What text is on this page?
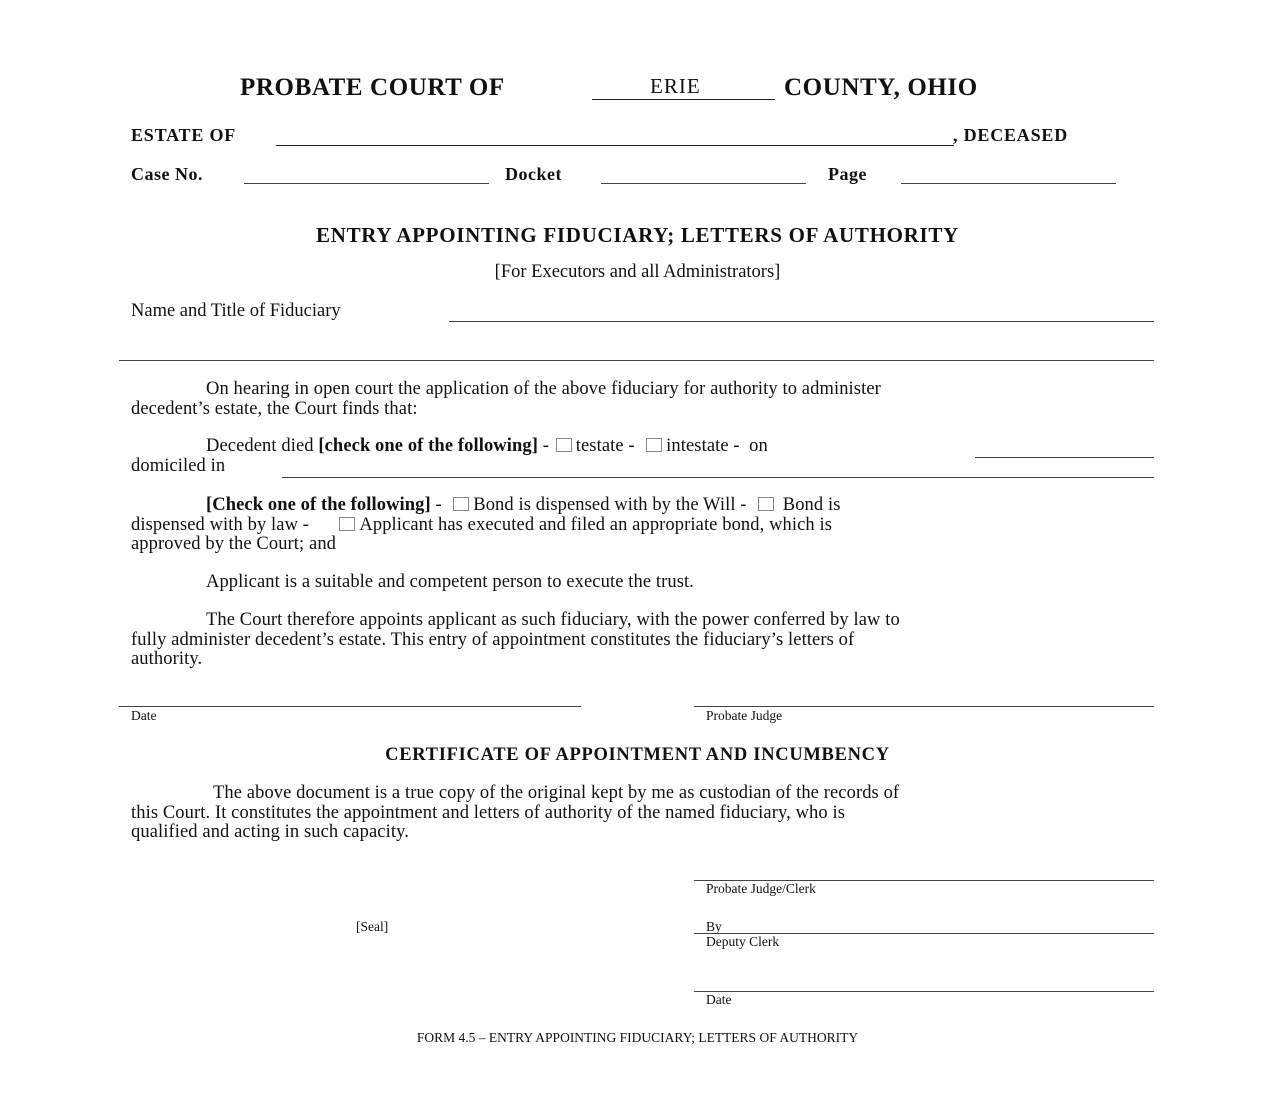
PROBATE COURT OF	ERIE	COUNTY, OHIO
ESTATE OF	, DECEASED
Case No.	Docket	Page
ENTRY APPOINTING FIDUCIARY; LETTERS OF AUTHORITY
[For Executors and all Administrators]
Name and Title of Fiduciary
On hearing in open court the application of the above fiduciary for authority to administer
decedent’s estate, the Court finds that:
Decedent died [check one of the following] - testate - intestate - on
domiciled in
[Check one of the following] - Bond is dispensed with by the Will - Bond is
dispensed with by law -	Applicant has executed and filed an appropriate bond, which is
approved by the Court; and
Applicant is a suitable and competent person to execute the trust.
The Court therefore appoints applicant as such fiduciary, with the power conferred by law to
fully administer decedent’s estate. This entry of appointment constitutes the fiduciary’s letters of
authority.
Date	Probate Judge
CERTIFICATE OF APPOINTMENT AND INCUMBENCY
The above document is a true copy of the original kept by me as custodian of the records of
this Court. It constitutes the appointment and letters of authority of the named fiduciary, who is
qualified and acting in such capacity.
Probate Judge/Clerk
[Seal]	By
Deputy Clerk
Date
FORM 4.5 – ENTRY APPOINTING FIDUCIARY; LETTERS OF AUTHORITY
